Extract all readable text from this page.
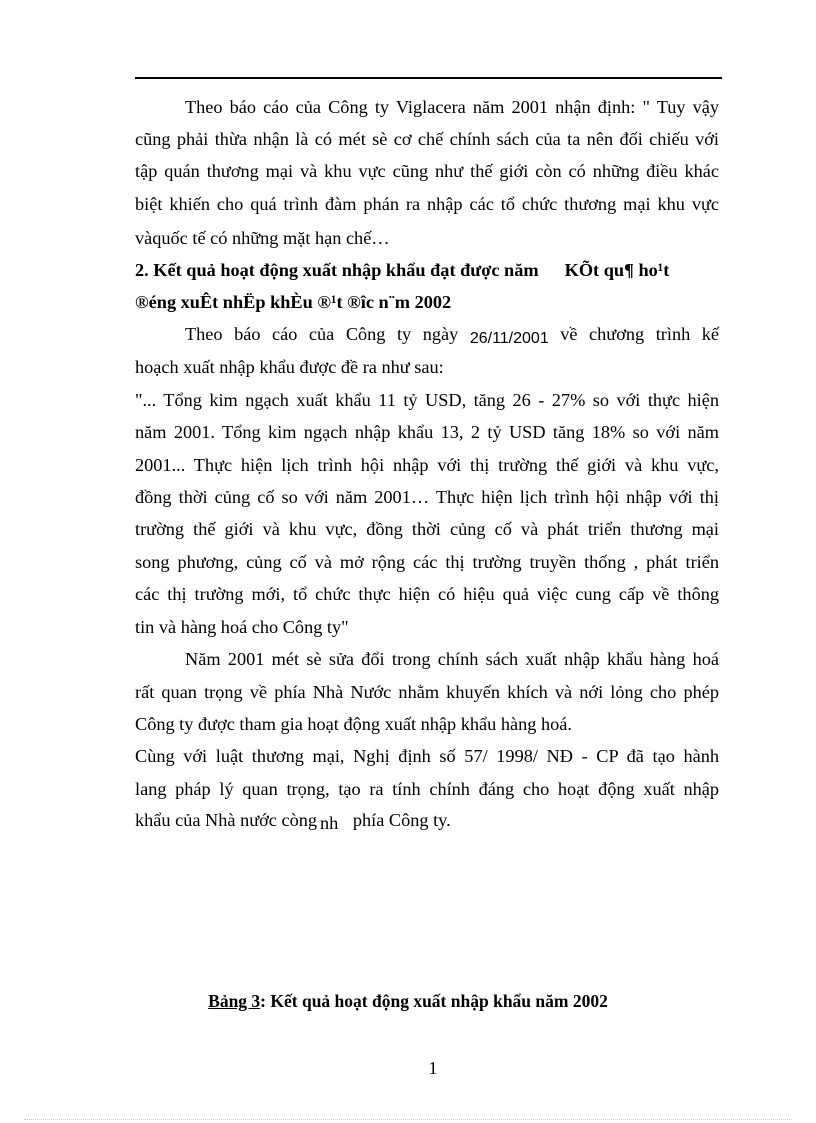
Theo báo cáo của Công ty Viglacera năm 2001 nhận định: " Tuy vậy
cũng phải thừa nhận là có mét sè cơ chế chính sách của ta nên đối chiếu với
tập quán thương mại và khu vực cũng như thế giới còn có những điều khác
biệt khiến cho quá trình đàm phán ra nhập các tổ chức thương mại khu vực
vàquốc tế có những mặt hạn chế…
2. Kết quả hoạt động xuất nhập khẩu đạt được năm KÕt qu¶ ho¹t
®éng xuÊt nhËp khÈu ®¹t ®îc n¨m 2002
Theo báo cáo của Công ty ngày 26/11/2001 về chương trình kế
hoạch xuất nhập khẩu được đề ra như sau:
"... Tổng kim ngạch xuất khẩu 11 tỷ USD, tăng 26 - 27% so với thực hiện
năm 2001. Tổng kim ngạch nhập khẩu 13, 2 tỷ USD tăng 18% so với năm
2001... Thực hiện lịch trình hội nhập với thị trường thế giới và khu vực,
đồng thời củng cố so với năm 2001… Thực hiện lịch trình hội nhập với thị
trường thế giới và khu vực, đồng thời củng cố và phát triển thương mại
song phương, củng cố và mở rộng các thị trường truyền thống , phát triển
các thị trường mới, tổ chức thực hiện có hiệu quả việc cung cấp về thông
tin và hàng hoá cho Công ty"
Năm 2001 mét sè sửa đổi trong chính sách xuất nhập khẩu hàng hoá
rất quan trọng về phía Nhà Nước nhằm khuyến khích và nới lỏng cho phép
Công ty được tham gia hoạt động xuất nhập khẩu hàng hoá.
Cùng với luật thương mại, Nghị định số 57/ 1998/ NĐ - CP đã tạo hành
lang pháp lý quan trọng, tạo ra tính chính đáng cho hoạt động xuất nhập
khẩu của Nhà nước còng nh phía Công ty.
Bảng 3: Kết quả hoạt động xuất nhập khẩu năm 2002
1
